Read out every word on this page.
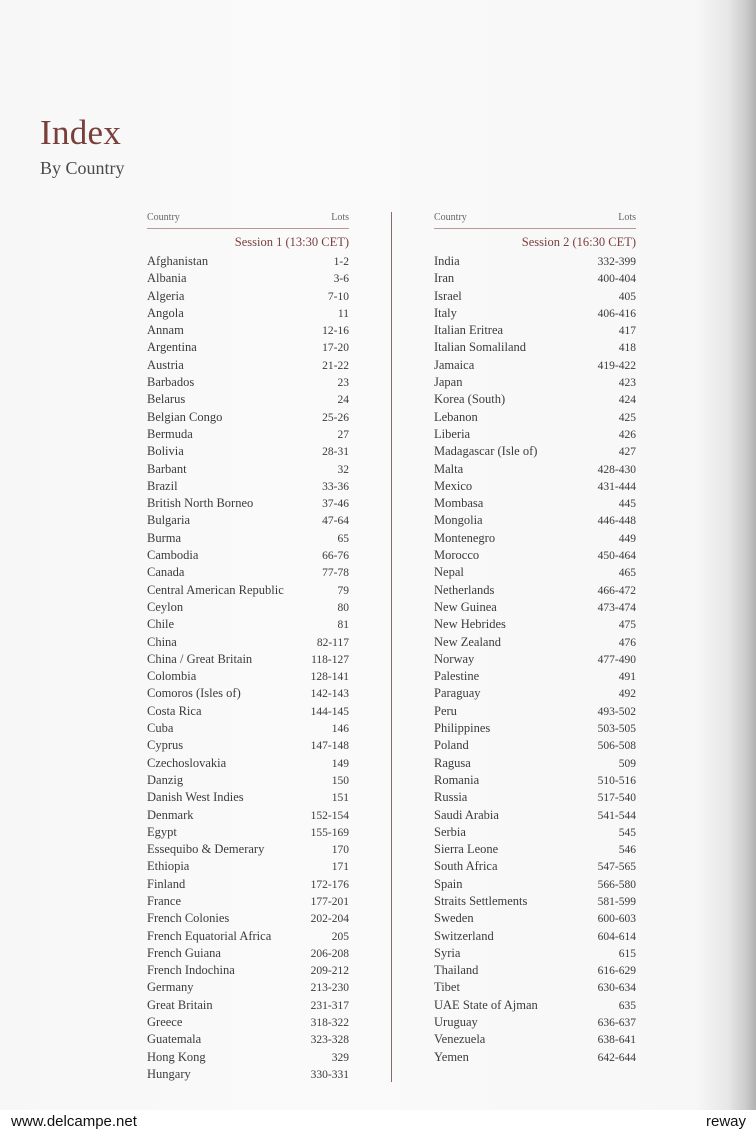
Index
By Country
Country	Lots
Session 1 (13:30 CET)
Afghanistan	1-2
Albania	3-6
Algeria	7-10
Angola	11
Annam	12-16
Argentina	17-20
Austria	21-22
Barbados	23
Belarus	24
Belgian Congo	25-26
Bermuda	27
Bolivia	28-31
Barbant	32
Brazil	33-36
British North Borneo	37-46
Bulgaria	47-64
Burma	65
Cambodia	66-76
Canada	77-78
Central American Republic	79
Ceylon	80
Chile	81
China	82-117
China / Great Britain	118-127
Colombia	128-141
Comoros (Isles of)	142-143
Costa Rica	144-145
Cuba	146
Cyprus	147-148
Czechoslovakia	149
Danzig	150
Danish West Indies	151
Denmark	152-154
Egypt	155-169
Essequibo & Demerary	170
Ethiopia	171
Finland	172-176
France	177-201
French Colonies	202-204
French Equatorial Africa	205
French Guiana	206-208
French Indochina	209-212
Germany	213-230
Great Britain	231-317
Greece	318-322
Guatemala	323-328
Hong Kong	329
Hungary	330-331
Country	Lots
Session 2 (16:30 CET)
India	332-399
Iran	400-404
Israel	405
Italy	406-416
Italian Eritrea	417
Italian Somaliland	418
Jamaica	419-422
Japan	423
Korea (South)	424
Lebanon	425
Liberia	426
Madagascar (Isle of)	427
Malta	428-430
Mexico	431-444
Mombasa	445
Mongolia	446-448
Montenegro	449
Morocco	450-464
Nepal	465
Netherlands	466-472
New Guinea	473-474
New Hebrides	475
New Zealand	476
Norway	477-490
Palestine	491
Paraguay	492
Peru	493-502
Philippines	503-505
Poland	506-508
Ragusa	509
Romania	510-516
Russia	517-540
Saudi Arabia	541-544
Serbia	545
Sierra Leone	546
South Africa	547-565
Spain	566-580
Straits Settlements	581-599
Sweden	600-603
Switzerland	604-614
Syria	615
Thailand	616-629
Tibet	630-634
UAE State of Ajman	635
Uruguay	636-637
Venezuela	638-641
Yemen	642-644
www.delcampe.net	reway
